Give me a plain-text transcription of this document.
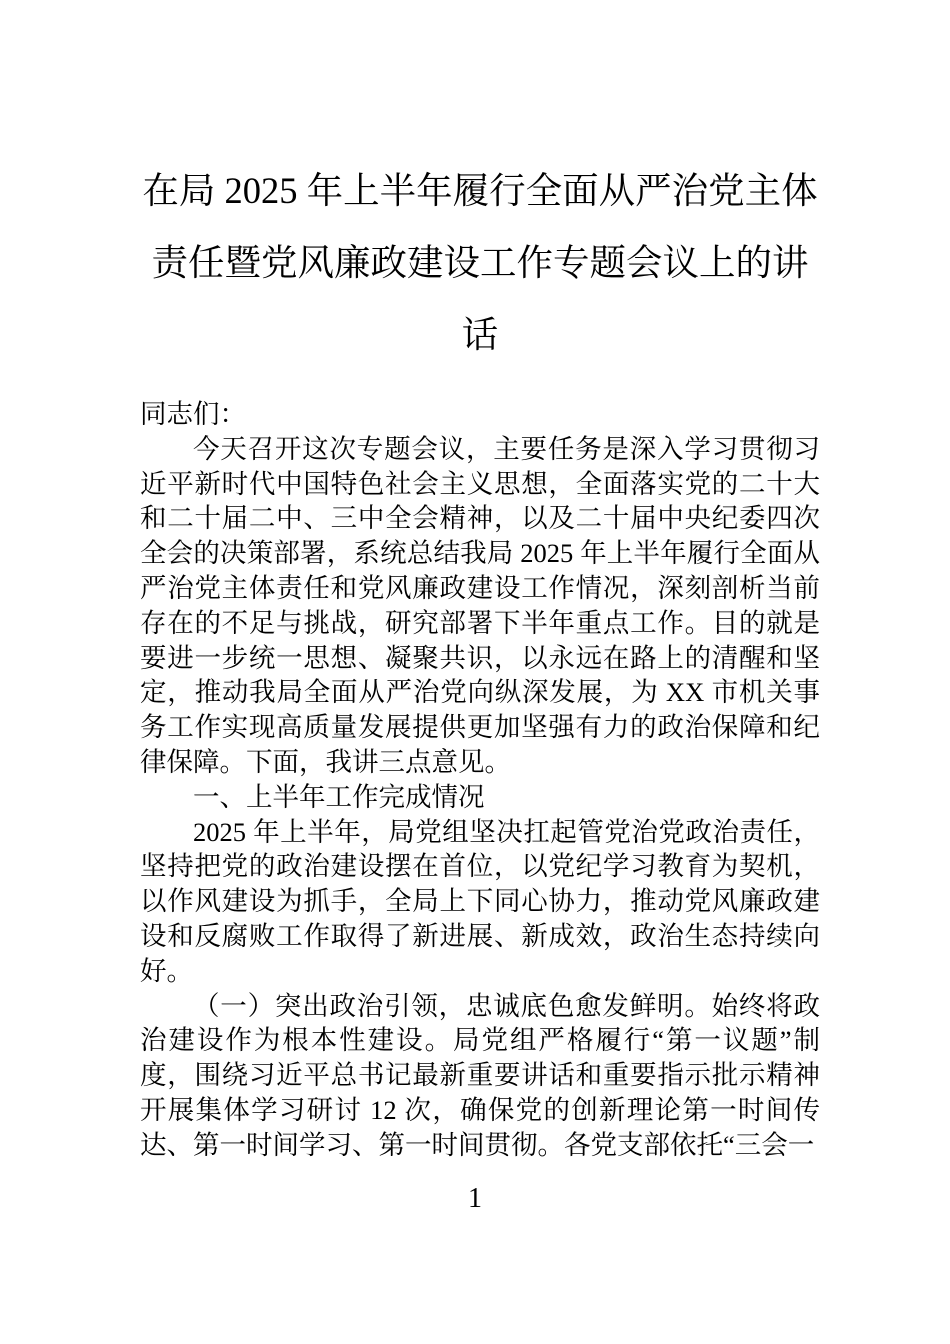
在局 2025 年上半年履行全面从严治党主体责任暨党风廉政建设工作专题会议上的讲话

同志们：

今天召开这次专题会议，主要任务是深入学习贯彻习近平新时代中国特色社会主义思想，全面落实党的二十大和二十届二中、三中全会精神，以及二十届中央纪委四次全会的决策部署，系统总结我局 2025 年上半年履行全面从严治党主体责任和党风廉政建设工作情况，深刻剖析当前存在的不足与挑战，研究部署下半年重点工作。目的就是要进一步统一思想、凝聚共识，以永远在路上的清醒和坚定，推动我局全面从严治党向纵深发展，为 XX 市机关事务工作实现高质量发展提供更加坚强有力的政治保障和纪律保障。下面，我讲三点意见。

一、上半年工作完成情况

2025 年上半年，局党组坚决扛起管党治党政治责任，坚持把党的政治建设摆在首位，以党纪学习教育为契机，以作风建设为抓手，全局上下同心协力，推动党风廉政建设和反腐败工作取得了新进展、新成效，政治生态持续向好。

（一）突出政治引领，忠诚底色愈发鲜明。始终将政治建设作为根本性建设。局党组严格履行“第一议题”制度，围绕习近平总书记最新重要讲话和重要指示批示精神开展集体学习研讨 12 次，确保党的创新理论第一时间传达、第一时间学习、第一时间贯彻。各党支部依托“三会一

1
